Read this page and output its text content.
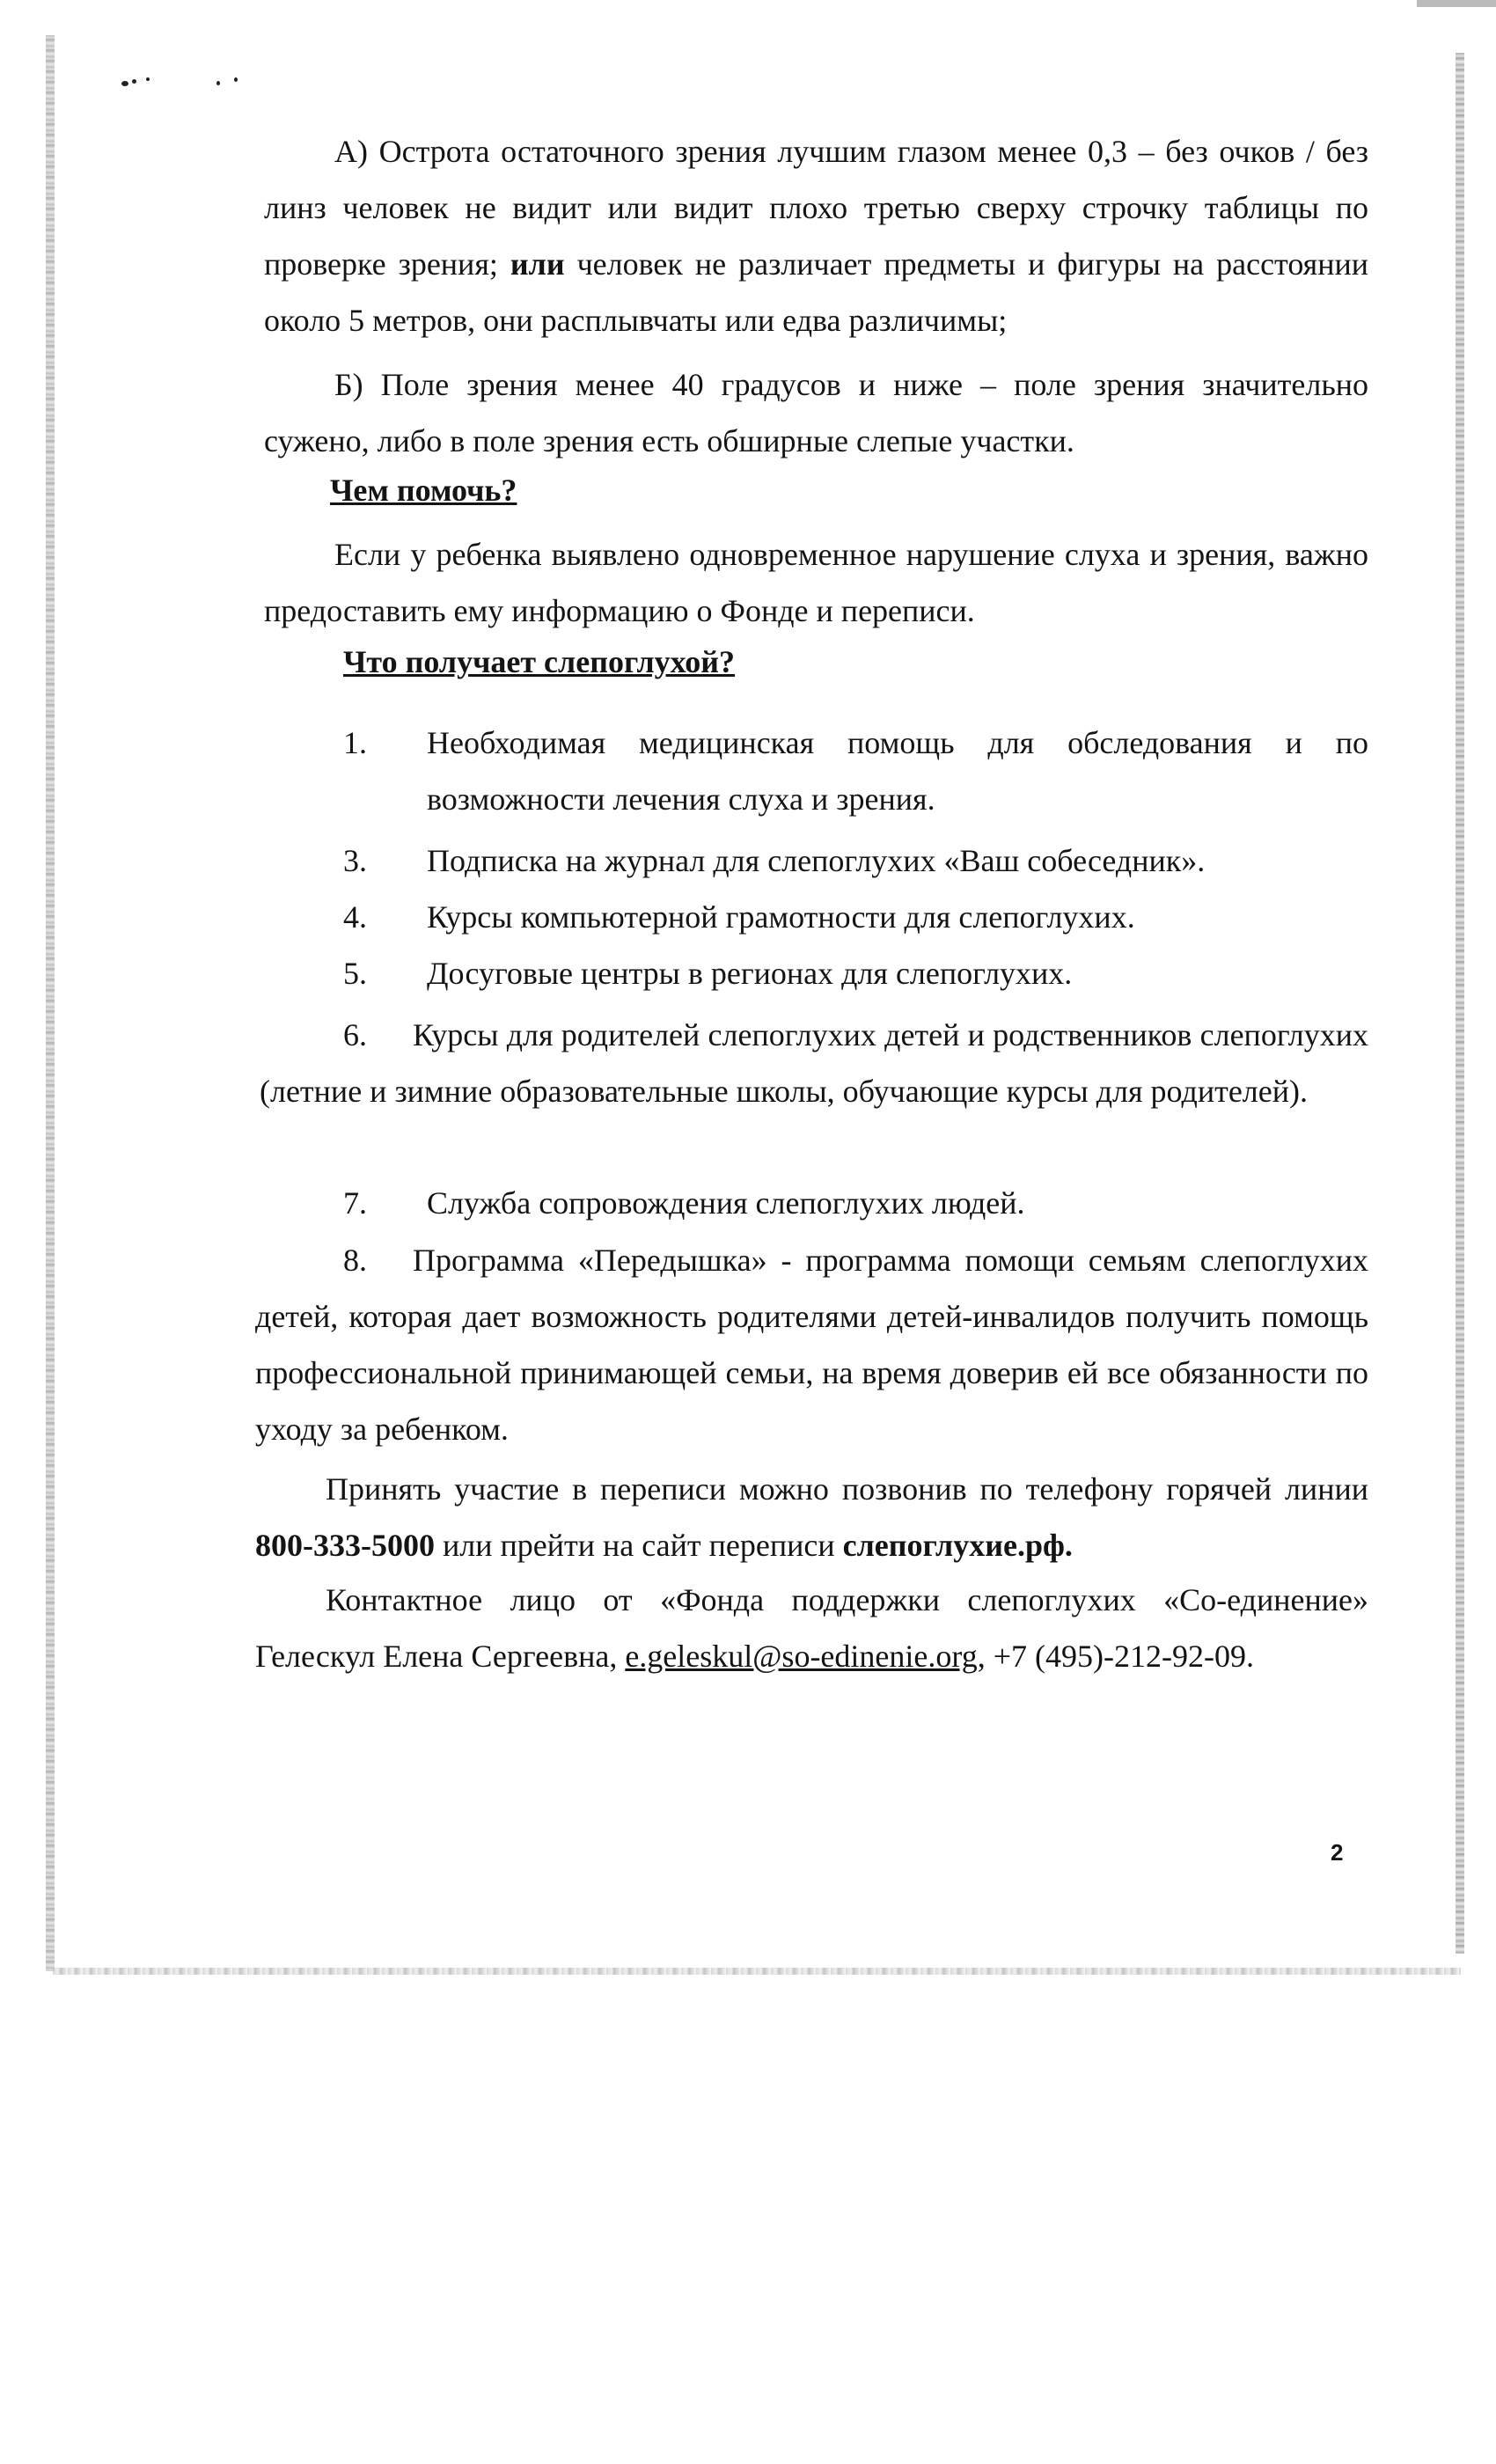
А) Острота остаточного зрения лучшим глазом менее 0,3 – без очков / без линз человек не видит или видит плохо третью сверху строчку таблицы по проверке зрения; или человек не различает предметы и фигуры на расстоянии около 5 метров, они расплывчаты или едва различимы;
Б) Поле зрения менее 40 градусов и ниже – поле зрения значительно сужено, либо в поле зрения есть обширные слепые участки.
Чем помочь?
Если у ребенка выявлено одновременное нарушение слуха и зрения, важно предоставить ему информацию о Фонде и переписи.
Что получает слепоглухой?
1. Необходимая медицинская помощь для обследования и по возможности лечения слуха и зрения.
3. Подписка на журнал для слепоглухих «Ваш собеседник».
4. Курсы компьютерной грамотности для слепоглухих.
5. Досуговые центры в регионах для слепоглухих.
6. Курсы для родителей слепоглухих детей и родственников слепоглухих (летние и зимние образовательные школы, обучающие курсы для родителей).
7. Служба сопровождения слепоглухих людей.
8. Программа «Передышка» - программа помощи семьям слепоглухих детей, которая дает возможность родителями детей-инвалидов получить помощь профессиональной принимающей семьи, на время доверив ей все обязанности по уходу за ребенком.
Принять участие в переписи можно позвонив по телефону горячей линии 800-333-5000 или прейти на сайт переписи слепоглухие.рф.
Контактное лицо от «Фонда поддержки слепоглухих «Со-единение» Гелескул Елена Сергеевна, e.geleskul@so-edinenie.org, +7 (495)-212-92-09.
2
